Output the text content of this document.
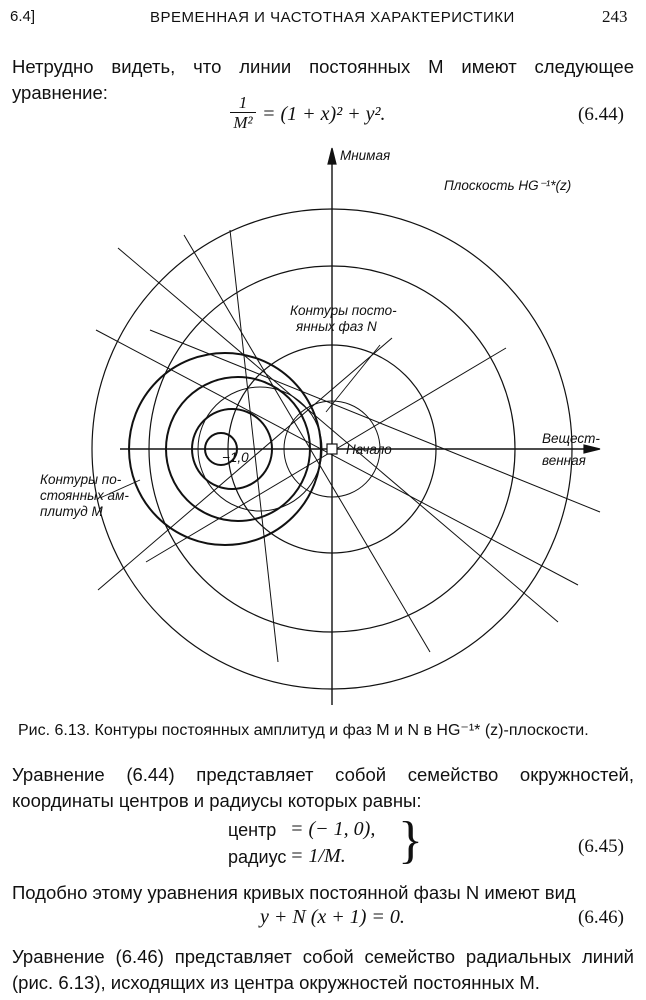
6.4]	ВРЕМЕННАЯ И ЧАСТОТНАЯ ХАРАКТЕРИСТИКИ	243
Нетрудно видеть, что линии постоянных M имеют следующее уравнение:
$\frac{1}{\text{M²}} = (1 + x)^2 + y^2$.	(6.44)
Мнимая
Плоскость HG⁻¹*(z)
Контуры посто-
янных фаз N
Вещест-
венная
Начало
−1,0
Контуры по-
стоянных ам-
плитуд M
Рис. 6.13. Контуры постоянных амплитуд и фаз M и N в HG⁻¹* (z)-плоскости.
Уравнение (6.44) представляет собой семейство окружностей, координаты центров и радиусы которых равны:
центр = (− 1, 0),
радиус = 1/M. }	(6.45)
Подобно этому уравнения кривых постоянной фазы N имеют вид
y + N (x + 1) = 0.	(6.46)
Уравнение (6.46) представляет собой семейство радиальных линий (рис. 6.13), исходящих из центра окружностей постоянных M.
